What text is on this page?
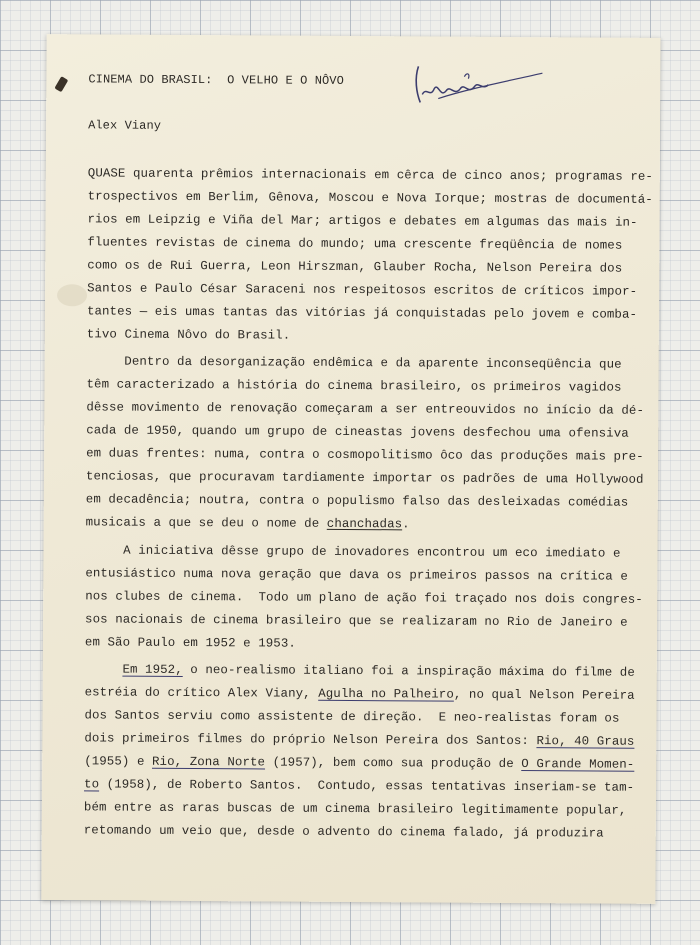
CINEMA DO BRASIL:  O VELHO E O NÔVO
Alex Viany
QUASE quarenta prêmios internacionais em cêrca de cinco anos; programas re-
trospectivos em Berlim, Gênova, Moscou e Nova Iorque; mostras de documentá-
rios em Leipzig e Viña del Mar; artigos e debates em algumas das mais in-
fluentes revistas de cinema do mundo; uma crescente freqüência de nomes
como os de Rui Guerra, Leon Hirszman, Glauber Rocha, Nelson Pereira dos
Santos e Paulo César Saraceni nos respeitosos escritos de críticos impor-
tantes — eis umas tantas das vitórias já conquistadas pelo jovem e comba-
tivo Cinema Nôvo do Brasil.
Dentro da desorganização endêmica e da aparente inconseqüência que
têm caracterizado a história do cinema brasileiro, os primeiros vagidos
dêsse movimento de renovação começaram a ser entreouvidos no início da dé-
cada de 1950, quando um grupo de cineastas jovens desfechou uma ofensiva
em duas frentes: numa, contra o cosmopolitismo ôco das produções mais pre-
tenciosas, que procuravam tardiamente importar os padrões de uma Hollywood
em decadência; noutra, contra o populismo falso das desleixadas comédias
musicais a que se deu o nome de chanchadas.
A iniciativa dêsse grupo de inovadores encontrou um eco imediato e
entusiástico numa nova geração que dava os primeiros passos na crítica e
nos clubes de cinema.  Todo um plano de ação foi traçado nos dois congres-
sos nacionais de cinema brasileiro que se realizaram no Rio de Janeiro e
em São Paulo em 1952 e 1953.
Em 1952, o neo-realismo italiano foi a inspiração máxima do filme de
estréia do crítico Alex Viany, Agulha no Palheiro, no qual Nelson Pereira
dos Santos serviu como assistente de direção.  E neo-realistas foram os
dois primeiros filmes do próprio Nelson Pereira dos Santos: Rio, 40 Graus
(1955) e Rio, Zona Norte (1957), bem como sua produção de O Grande Momen-
to (1958), de Roberto Santos.  Contudo, essas tentativas inseriam-se tam-
bém entre as raras buscas de um cinema brasileiro legitimamente popular,
retomando um veio que, desde o advento do cinema falado, já produzira
